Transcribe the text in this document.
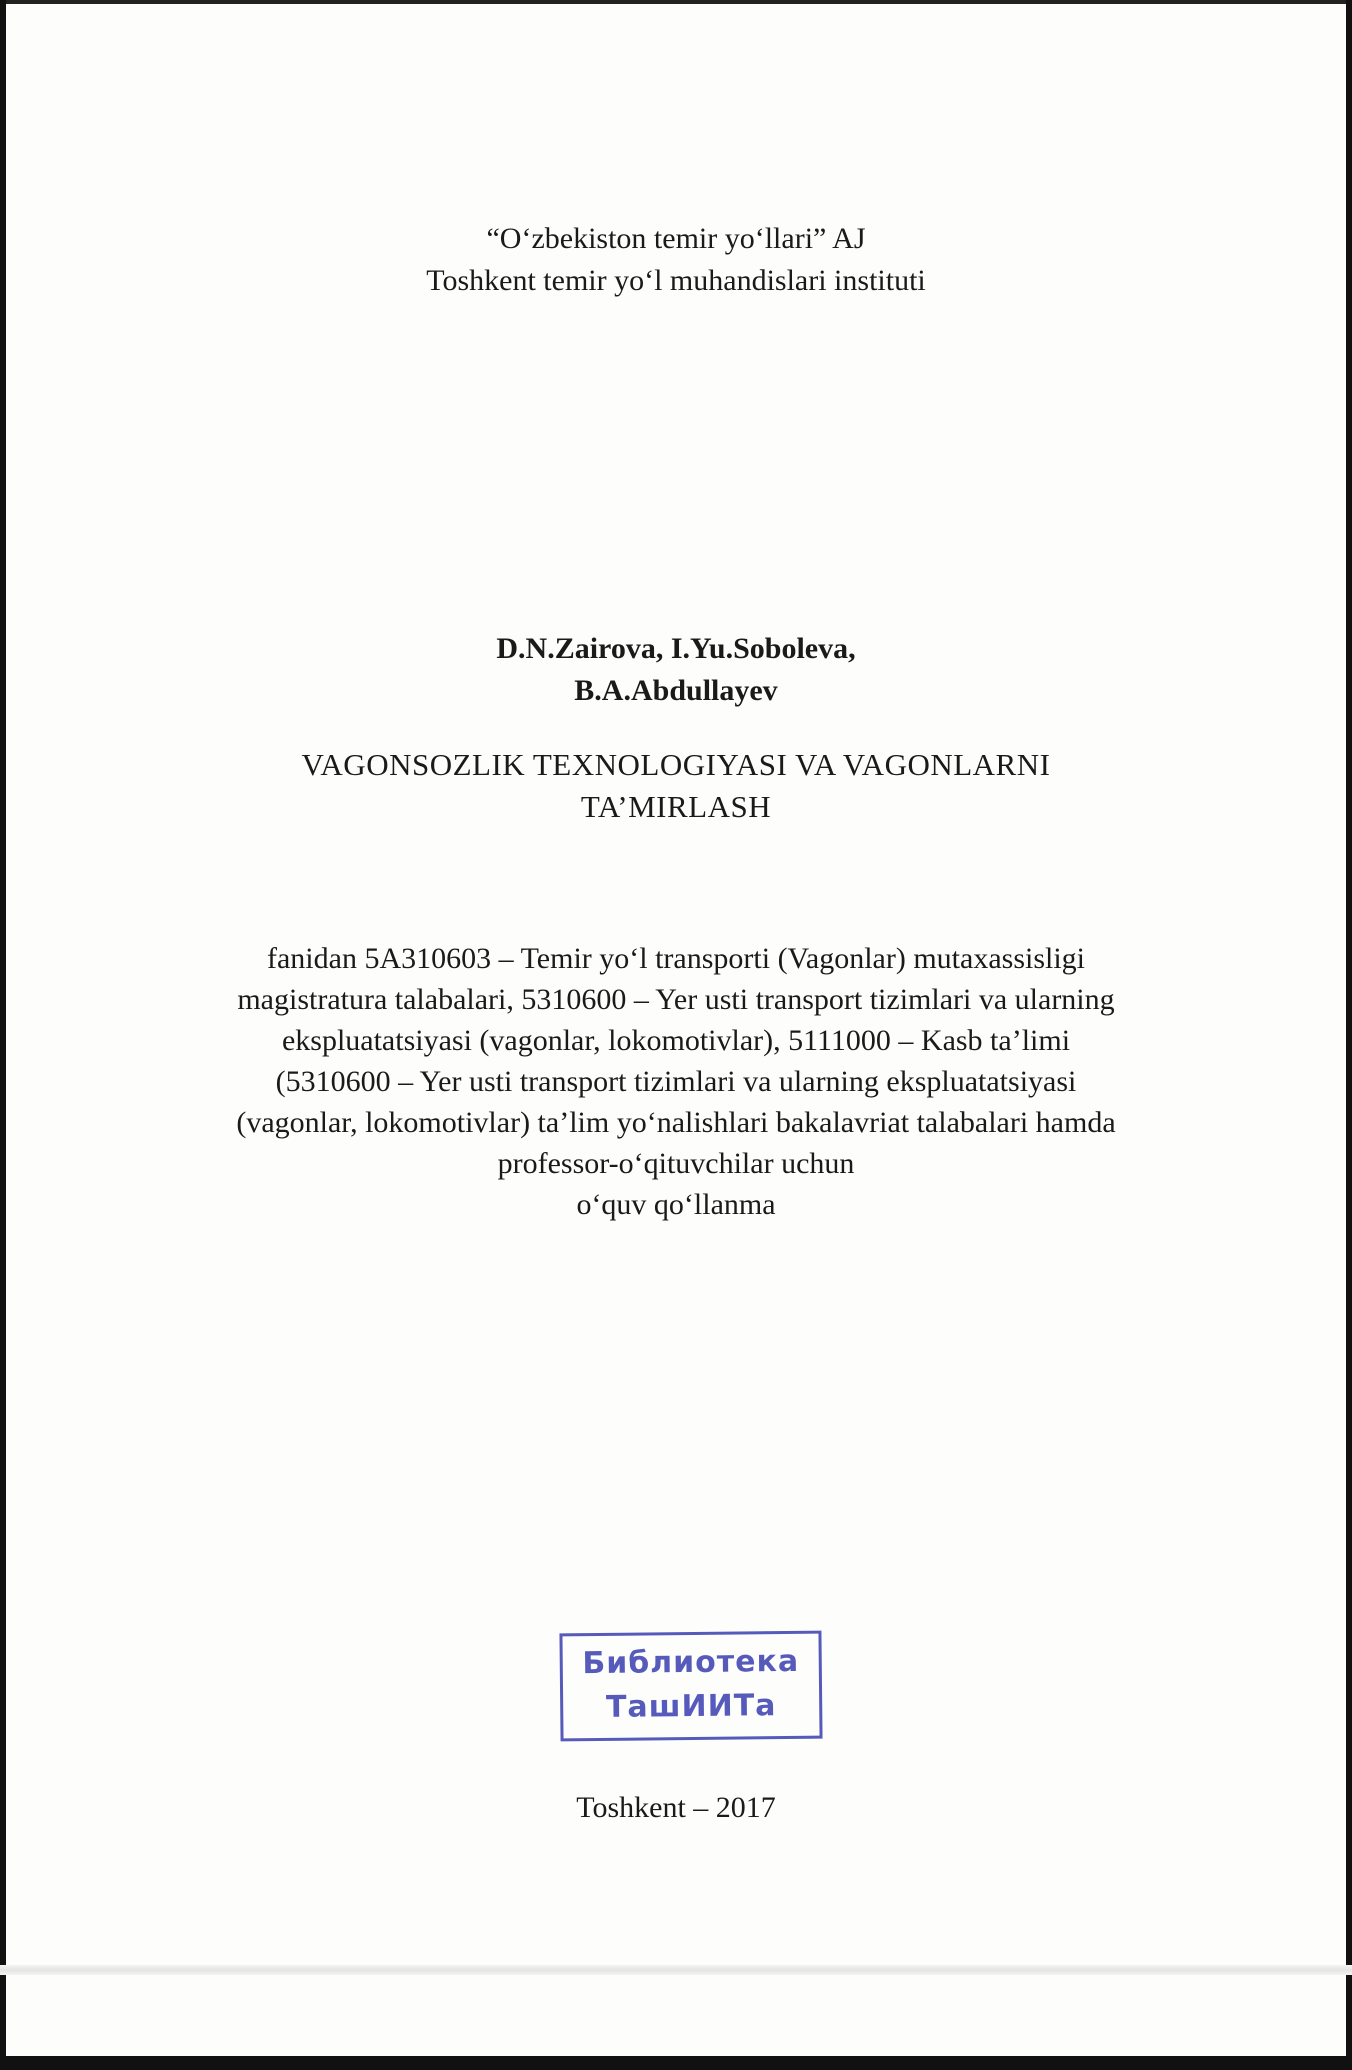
“O‘zbekiston temir yo‘llari” AJ
Toshkent temir yo‘l muhandislari instituti
D.N.Zairova, I.Yu.Soboleva,
B.A.Abdullayev
VAGONSOZLIK TEXNOLOGIYASI VA VAGONLARNI
TA’MIRLASH
fanidan 5A310603 – Temir yo‘l transporti (Vagonlar) mutaxassisligi
magistratura talabalari, 5310600 – Yer usti transport tizimlari va ularning
ekspluatatsiyasi (vagonlar, lokomotivlar), 5111000 – Kasb ta’limi
(5310600 – Yer usti transport tizimlari va ularning ekspluatatsiyasi
(vagonlar, lokomotivlar) ta’lim yo‘nalishlari bakalavriat talabalari hamda
professor-o‘qituvchilar uchun
o‘quv qo‘llanma
Библиотека
ТашИИТа
Toshkent – 2017
